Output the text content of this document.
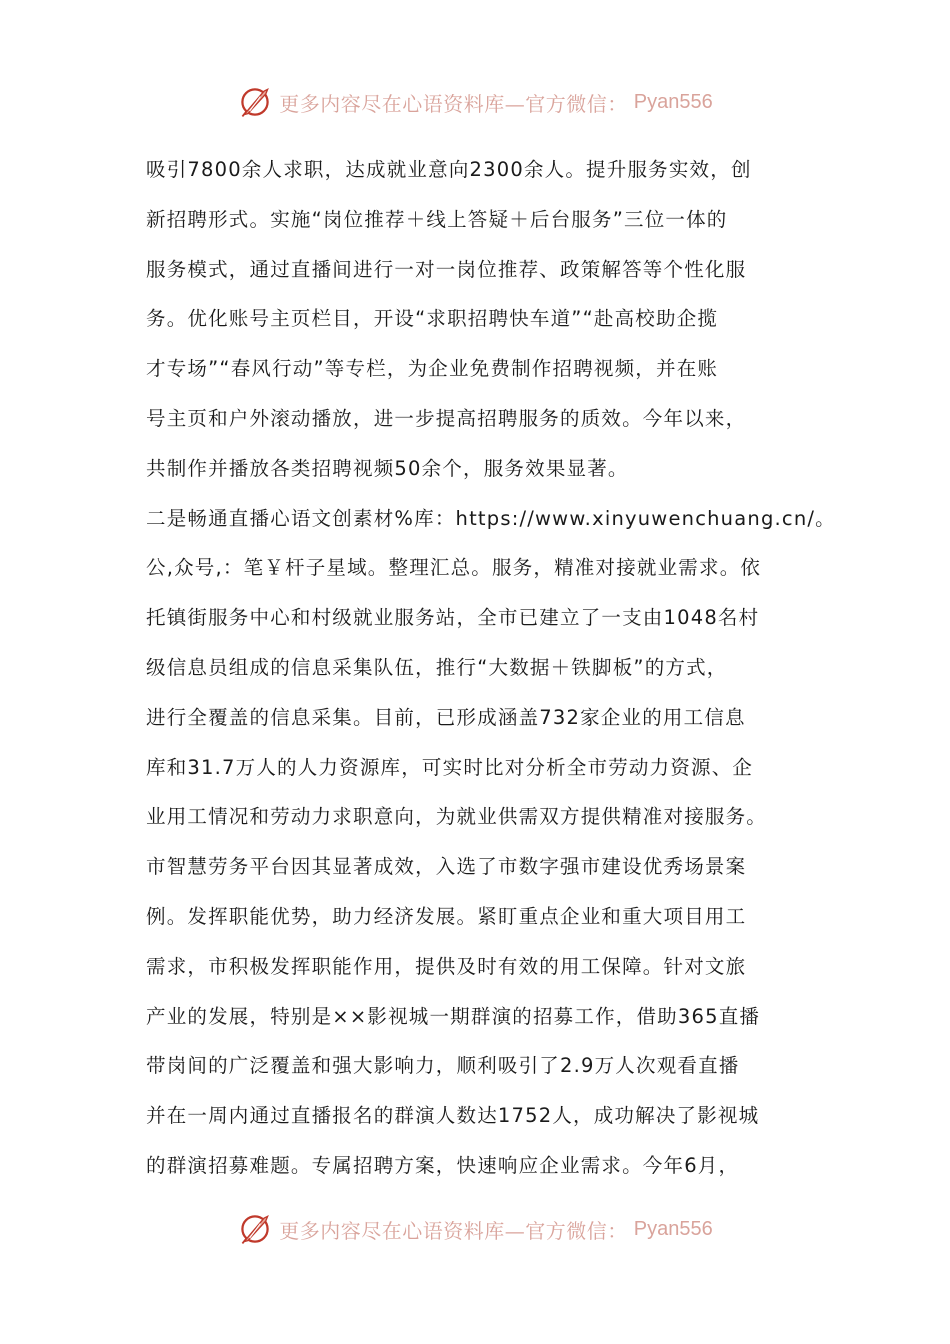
更多内容尽在心语资料库—官方微信： Pyan556
吸引7800余人求职，达成就业意向2300余人。提升服务实效，创
新招聘形式。实施“岗位推荐＋线上答疑＋后台服务”三位一体的
服务模式，通过直播间进行一对一岗位推荐、政策解答等个性化服
务。优化账号主页栏目，开设“求职招聘快车道”“赴高校助企揽
才专场”“春风行动”等专栏，为企业免费制作招聘视频，并在账
号主页和户外滚动播放，进一步提高招聘服务的质效。今年以来，
共制作并播放各类招聘视频50余个，服务效果显著。
二是畅通直播心语文创素材%库：https://www.xinyuwenchuang.cn/。
公,众号,：笔￥杆子星域。整理汇总。服务，精准对接就业需求。依
托镇街服务中心和村级就业服务站，全市已建立了一支由1048名村
级信息员组成的信息采集队伍，推行“大数据＋铁脚板”的方式，
进行全覆盖的信息采集。目前，已形成涵盖732家企业的用工信息
库和31.7万人的人力资源库，可实时比对分析全市劳动力资源、企
业用工情况和劳动力求职意向，为就业供需双方提供精准对接服务。
市智慧劳务平台因其显著成效，入选了市数字强市建设优秀场景案
例。发挥职能优势，助力经济发展。紧盯重点企业和重大项目用工
需求，市积极发挥职能作用，提供及时有效的用工保障。针对文旅
产业的发展，特别是××影视城一期群演的招募工作，借助365直播
带岗间的广泛覆盖和强大影响力，顺利吸引了2.9万人次观看直播
并在一周内通过直播报名的群演人数达1752人，成功解决了影视城
的群演招募难题。专属招聘方案，快速响应企业需求。今年6月，
更多内容尽在心语资料库—官方微信： Pyan556
